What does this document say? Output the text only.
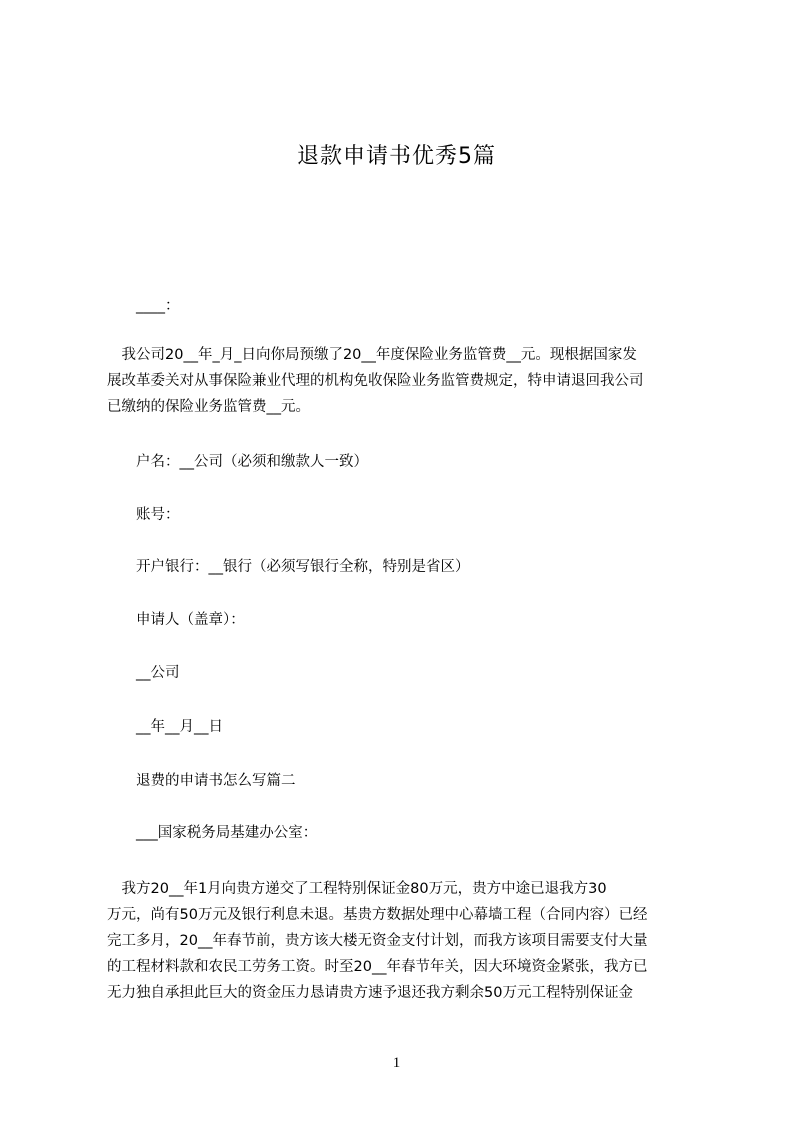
退款申请书优秀5篇
____：

　我公司20__年_月_日向你局预缴了20__年度保险业务监管费__元。现根据国家发

展改革委关对从事保险兼业代理的机构免收保险业务监管费规定，特申请退回我公司

已缴纳的保险业务监管费__元。

户名：__公司（必须和缴款人一致）
账号：
开户银行：__银行（必须写银行全称，特别是省区）
申请人（盖章）：
__公司
__年__月__日
退费的申请书怎么写篇二
___国家税务局基建办公室：

　我方20__年1月向贵方递交了工程特别保证金80万元，贵方中途已退我方30

万元，尚有50万元及银行利息未退。基贵方数据处理中心幕墙工程（合同内容）已经

完工多月，20__年春节前，贵方该大楼无资金支付计划，而我方该项目需要支付大量

的工程材料款和农民工劳务工资。时至20__年春节年关，因大环境资金紧张，我方已

无力独自承担此巨大的资金压力恳请贵方速予退还我方剩余50万元工程特别保证金

1
